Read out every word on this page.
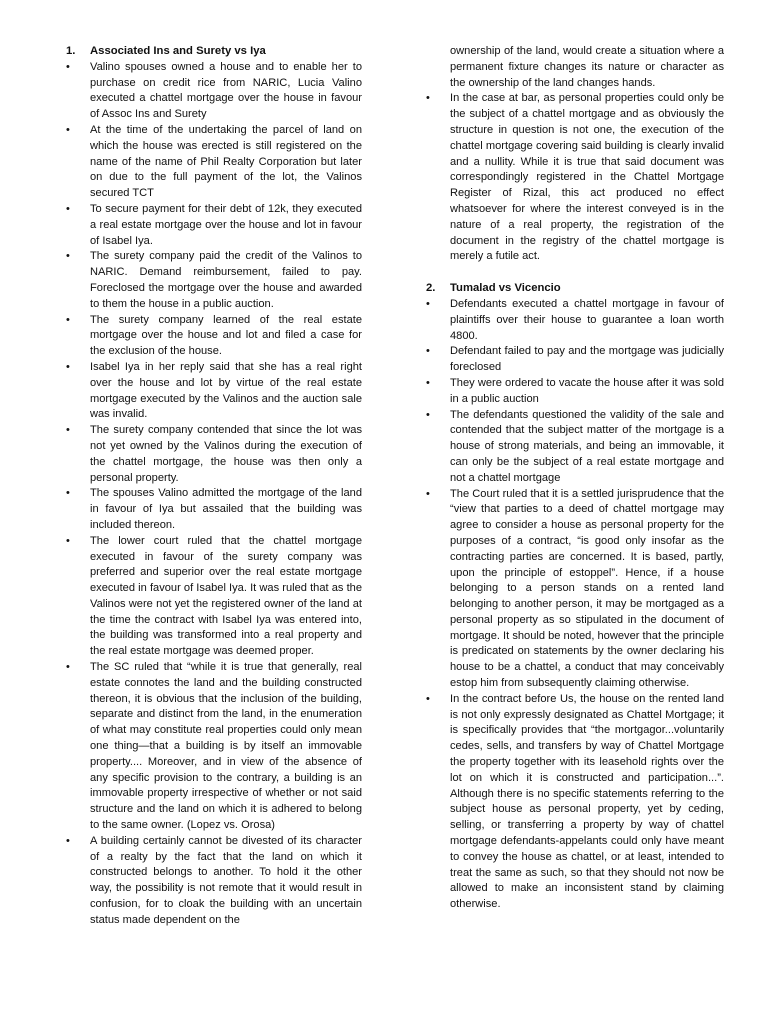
1.	Associated Ins and Surety vs Iya
•	Valino spouses owned a house and to enable her to purchase on credit rice from NARIC, Lucia Valino executed a chattel mortgage over the house in favour of Assoc Ins and Surety
•	At the time of the undertaking the parcel of land on which the house was erected is still registered on the name of the name of Phil Realty Corporation but later on due to the full payment of the lot, the Valinos secured TCT
•	To secure payment for their debt of 12k, they executed a real estate mortgage over the house and lot in favour of Isabel Iya.
•	The surety company paid the credit of the Valinos to NARIC. Demand reimbursement, failed to pay. Foreclosed the mortgage over the house and awarded to them the house in a public auction.
•	The surety company learned of the real estate mortgage over the house and lot and filed a case for the exclusion of the house.
•	Isabel Iya in her reply said that she has a real right over the house and lot by virtue of the real estate mortgage executed by the Valinos and the auction sale was invalid.
•	The surety company contended that since the lot was not yet owned by the Valinos during the execution of the chattel mortgage, the house was then only a personal property.
•	The spouses Valino admitted the mortgage of the land in favour of Iya but assailed that the building was included thereon.
•	The lower court ruled that the chattel mortgage executed in favour of the surety company was preferred and superior over the real estate mortgage executed in favour of Isabel Iya. It was ruled that as the Valinos were not yet the registered owner of the land at the time the contract with Isabel Iya was entered into, the building was transformed into a real property and the real estate mortgage was deemed proper.
•	The SC ruled that “while it is true that generally, real estate connotes the land and the building constructed thereon, it is obvious that the inclusion of the building, separate and distinct from the land, in the enumeration of what may constitute real properties could only mean one thing—that a building is by itself an immovable property.... Moreover, and in view of the absence of any specific provision to the contrary, a building is an immovable property irrespective of whether or not said structure and the land on which it is adhered to belong to the same owner. (Lopez vs. Orosa)
•	A building certainly cannot be divested of its character of a realty by the fact that the land on which it constructed belongs to another. To hold it the other way, the possibility is not remote that it would result in confusion, for to cloak the building with an uncertain status made dependent on the

ownership of the land, would create a situation where a permanent fixture changes its nature or character as the ownership of the land changes hands.

•	In the case at bar, as personal properties could only be the subject of a chattel mortgage and as obviously the structure in question is not one, the execution of the chattel mortgage covering said building is clearly invalid and a nullity. While it is true that said document was correspondingly registered in the Chattel Mortgage Register of Rizal, this act produced no effect whatsoever for where the interest conveyed is in the nature of a real property, the registration of the document in the registry of the chattel mortgage is merely a futile act.
2.	Tumalad vs Vicencio
•	Defendants executed a chattel mortgage in favour of plaintiffs over their house to guarantee a loan worth 4800.
•	Defendant failed to pay and the mortgage was judicially foreclosed
•	They were ordered to vacate the house after it was sold in a public auction
•	The defendants questioned the validity of the sale and contended that the subject matter of the mortgage is a house of strong materials, and being an immovable, it can only be the subject of a real estate mortgage and not a chattel mortgage
•	The Court ruled that it is a settled jurisprudence that the “view that parties to a deed of chattel mortgage may agree to consider a house as personal property for the purposes of a contract, “is good only insofar as the contracting parties are concerned. It is based, partly, upon the principle of estoppel”. Hence, if a house belonging to a person stands on a rented land belonging to another person, it may be mortgaged as a personal property as so stipulated in the document of mortgage. It should be noted, however that the principle is predicated on statements by the owner declaring his house to be a chattel, a conduct that may conceivably estop him from subsequently claiming otherwise.
•	In the contract before Us, the house on the rented land is not only expressly designated as Chattel Mortgage; it is specifically provides that “the mortgagor...voluntarily cedes, sells, and transfers by way of Chattel Mortgage the property together with its leasehold rights over the lot on which it is constructed and participation...”. Although there is no specific statements referring to the subject house as personal property, yet by ceding, selling, or transferring a property by way of chattel mortgage defendants-appelants could only have meant to convey the house as chattel, or at least, intended to treat the same as such, so that they should not now be allowed to make an inconsistent stand by claiming otherwise.
